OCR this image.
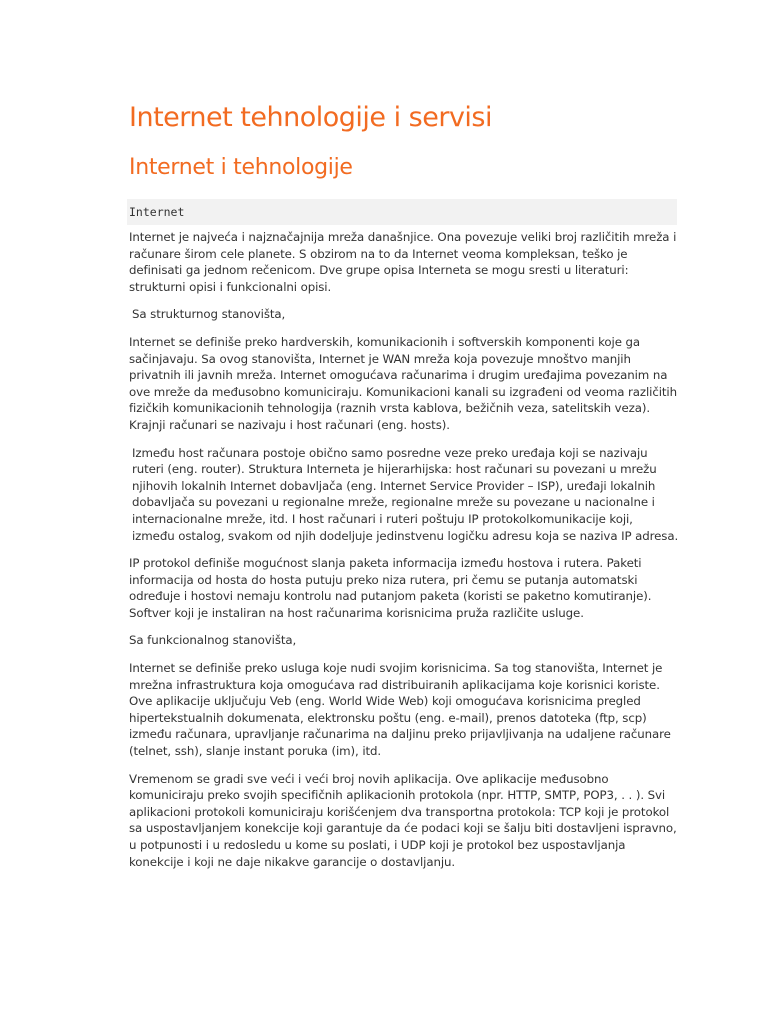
Internet tehnologije i servisi
Internet i tehnologije
Internet

Internet je najveća i najznačajnija mreža današnjice. Ona povezuje veliki broj različitih mreža i računare širom cele planete. S obzirom na to da Internet veoma kompleksan, teško je definisati ga jednom rečenicom. Dve grupe opisa Interneta se mogu sresti u literaturi: strukturni opisi i funkcionalni opisi.

Sa strukturnog stanovišta,

Internet se definiše preko hardverskih, komunikacionih i softverskih komponenti koje ga sačinjavaju. Sa ovog stanovišta, Internet je WAN mreža koja povezuje mnoštvo manjih privatnih ili javnih mreža. Internet omogućava računarima i drugim uređajima povezanim na ove mreže da međusobno komuniciraju. Komunikacioni kanali su izgrađeni od veoma različitih fizičkih komunikacionih tehnologija (raznih vrsta kablova, bežičnih veza, satelitskih veza). Krajnji računari se nazivaju i host računari (eng. hosts).

Između host računara postoje obično samo posredne veze preko uređaja koji se nazivaju ruteri (eng. router). Struktura Interneta je hijerarhijska: host računari su povezani u mrežu njihovih lokalnih Internet dobavljača (eng. Internet Service Provider – ISP), uređaji lokalnih dobavljača su povezani u regionalne mreže, regionalne mreže su povezane u nacionalne i internacionalne mreže, itd. I host računari i ruteri poštuju IP protokolkomunikacije koji, između ostalog, svakom od njih dodeljuje jedinstvenu logičku adresu koja se naziva IP adresa.

IP protokol definiše mogućnost slanja paketa informacija između hostova i rutera. Paketi informacija od hosta do hosta putuju preko niza rutera, pri čemu se putanja automatski određuje i hostovi nemaju kontrolu nad putanjom paketa (koristi se paketno komutiranje). Softver koji je instaliran na host računarima korisnicima pruža različite usluge.

Sa funkcionalnog stanovišta,

Internet se definiše preko usluga koje nudi svojim korisnicima. Sa tog stanovišta, Internet je mrežna infrastruktura koja omogućava rad distribuiranih aplikacijama koje korisnici koriste. Ove aplikacije uključuju Veb (eng. World Wide Web) koji omogućava korisnicima pregled hipertekstualnih dokumenata, elektronsku poštu (eng. e-mail), prenos datoteka (ftp, scp) između računara, upravljanje računarima na daljinu preko prijavljivanja na udaljene računare (telnet, ssh), slanje instant poruka (im), itd.

Vremenom se gradi sve veći i veći broj novih aplikacija. Ove aplikacije međusobno komuniciraju preko svojih specifičnih aplikacionih protokola (npr. HTTP, SMTP, POP3, . . ). Svi aplikacioni protokoli komuniciraju korišćenjem dva transportna protokola: TCP koji je protokol sa uspostavljanjem konekcije koji garantuje da će podaci koji se šalju biti dostavljeni ispravno, u potpunosti i u redosledu u kome su poslati, i UDP koji je protokol bez uspostavljanja konekcije i koji ne daje nikakve garancije o dostavljanju.
